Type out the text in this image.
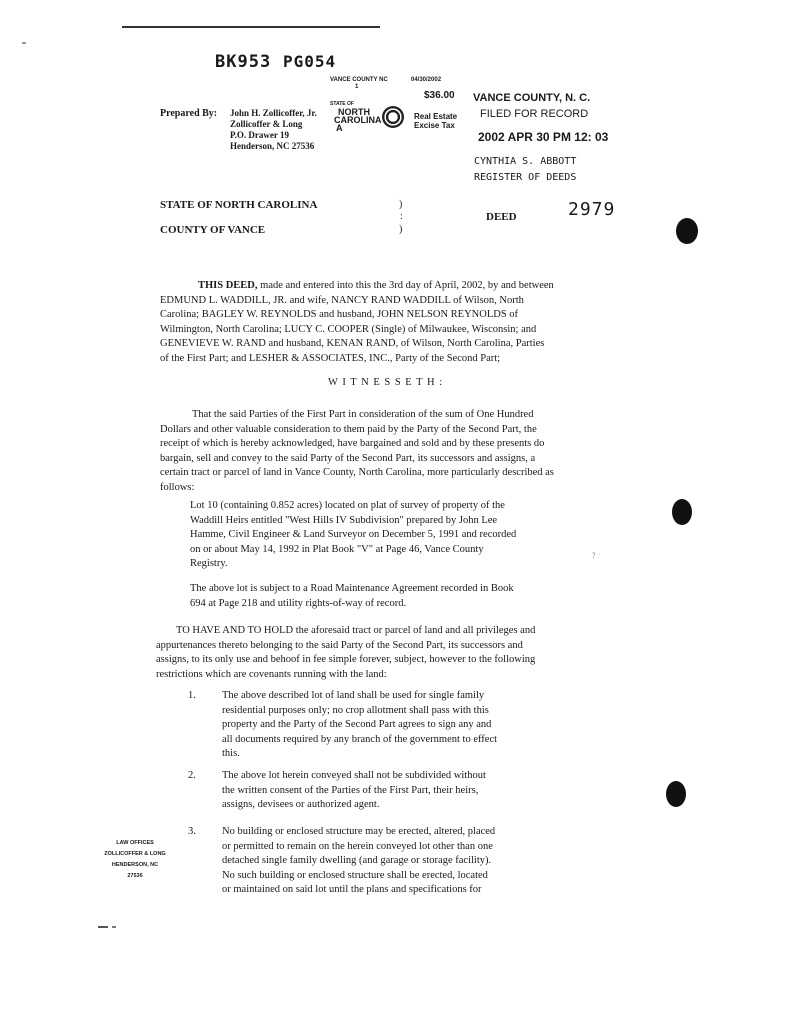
BK953 PG054
VANCE COUNTY NC	04/30/2002
1
$36.00
Prepared By: John H. Zollicoffer, Jr.
Zollicoffer & Long
P.O. Drawer 19
Henderson, NC 27536
STATE OF
NORTH
CAROLINA
A
Real Estate
Excise Tax
VANCE COUNTY, N. C.
FILED FOR RECORD
2002 APR 30 PM 12: 03
CYNTHIA S. ABBOTT
REGISTER OF DEEDS
STATE OF NORTH CAROLINA
COUNTY OF VANCE
)
:
)
DEED	2979
THIS DEED, made and entered into this the 3rd day of April, 2002, by and between
EDMUND L. WADDILL, JR. and wife, NANCY RAND WADDILL of Wilson, North
Carolina; BAGLEY W. REYNOLDS and husband, JOHN NELSON REYNOLDS of
Wilmington, North Carolina; LUCY C. COOPER (Single) of Milwaukee, Wisconsin; and
GENEVIEVE W. RAND and husband, KENAN RAND, of Wilson, North Carolina, Parties
of the First Part; and LESHER & ASSOCIATES, INC., Party of the Second Part;
W I T N E S S E T H :
That the said Parties of the First Part in consideration of the sum of One Hundred
Dollars and other valuable consideration to them paid by the Party of the Second Part, the
receipt of which is hereby acknowledged, have bargained and sold and by these presents do
bargain, sell and convey to the said Party of the Second Part, its successors and assigns, a
certain tract or parcel of land in Vance County, North Carolina, more particularly described as
follows:
Lot 10 (containing 0.852 acres) located on plat of survey of property of the
Waddill Heirs entitled "West Hills IV Subdivision" prepared by John Lee
Hamme, Civil Engineer & Land Surveyor on December 5, 1991 and recorded
on or about May 14, 1992 in Plat Book "V" at Page 46, Vance County
Registry.
?
The above lot is subject to a Road Maintenance Agreement recorded in Book
694 at Page 218 and utility rights-of-way of record.
TO HAVE AND TO HOLD the aforesaid tract or parcel of land and all privileges and
appurtenances thereto belonging to the said Party of the Second Part, its successors and
assigns, to its only use and behoof in fee simple forever, subject, however to the following
restrictions which are covenants running with the land:
1. The above described lot of land shall be used for single family
residential purposes only; no crop allotment shall pass with this
property and the Party of the Second Part agrees to sign any and
all documents required by any branch of the government to effect
this.
2. The above lot herein conveyed shall not be subdivided without
the written consent of the Parties of the First Part, their heirs,
assigns, devisees or authorized agent.
3. No building or enclosed structure may be erected, altered, placed
or permitted to remain on the herein conveyed lot other than one
detached single family dwelling (and garage or storage facility).
No such building or enclosed structure shall be erected, located
or maintained on said lot until the plans and specifications for
LAW OFFICES
ZOLLICOFFER & LONG
HENDERSON, NC
27536
